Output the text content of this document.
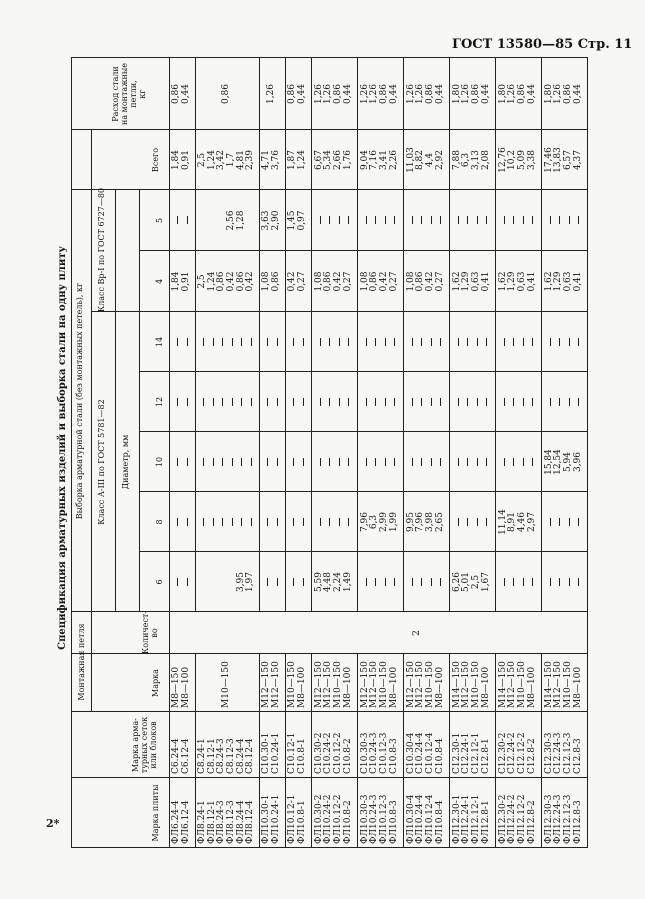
ГОСТ 13580—85 Стр. 11
Спецификация арматурных изделий и выборка стали на одну плиту
Марка плиты
Марка арма-
турных сеток
или блоков
Монтажная петля	Марка
Количест-
во
Выборка арматурной стали (без монтажных петель), кг Класс А-III по ГОСТ 5781—82
Класс Вр-I по ГОСТ 6727—80
Диаметр, мм
6
8
10
12
14
4
5
Всего
Расход стали
на монтажные
петли,
кг
2
ФЛ6.24-4
ФЛ6.12-4
С6.24-4
С6.12-4
М8—150
М8—100
1,84
0,91
1,84
0,91
0,86
0,44
ФЛ8.24-1
ФЛ8.12-1
ФЛ8.24-3
ФЛ8.12-3
ФЛ8.24-4
ФЛ8.12-4
С8.24-1
С8.12-1
С8.24-3
С8.12-3
С8.24-4
С8.12-4
М10—150

3,95
1,97
2,5
1,24
0,86
0,42
0,86
0,42

2,56
1,28
2,5
1,24
3,42
1,7
4,81
2,39
0,86
ФЛ10.30-1
ФЛ10.24-1
С10.30-1
С10.24-1
М12—150
М12—150
1,08
0,86
3,63
2,90
4,71
3,76
1,26
ФЛ10.12-1
ФЛ10.8-1
С10.12-1
С10.8-1
М10—150
М8—100
0,42
0,27
1,45
0,97
1,87
1,24
0,86
0,44
ФЛ10.30-2
ФЛ10.24-2
ФЛ10.12-2
ФЛ10.8-2
С10.30-2
С10.24-2
С10.12-2
С10.8-2
М12—150
М12—150
М10—150
М8—100
5,59
4,48
2,24
1,49
1,08
0,86
0,42
0,27
6,67
5,34
2,66
1,76
1,26
1,26
0,86
0,44
ФЛ10.30-3
ФЛ10.24-3
ФЛ10.12-3
ФЛ10.8-3
С10.30-3
С10.24-3
С10.12-3
С10.8-3
М12—150
М12—150
М10—150
М8—100
7,96
6,3
2,99
1,99
1,08
0,86
0,42
0,27
9,04
7,16
3,41
2,26
1,26
1,26
0,86
0,44
ФЛ10.30-4
ФЛ10.24-4
ФЛ10.12-4
ФЛ10.8-4
С10.30-4
С10.24-4
С10.12-4
С10.8-4
М12—150
М12—150
М10—150
М8—100
9,95
7,96
3,98
2,65
1,08
0,86
0,42
0,27
11,03
8,82
4,4
2,92
1,26
1,26
0,86
0,44
ФЛ12.30-1
ФЛ12.24-1
ФЛ12.12-1
ФЛ12.8-1
С12.30-1
С12.24-1
С12.12-1
С12.8-1
М14—150
М12—150
М10—150
М8—100
6,26
5,01
2,5
1,67
1,62
1,29
0,63
0,41
7,88
6,3
3,13
2,08
1,80
1,26
0,86
0,44
ФЛ12.30-2
ФЛ12.24-2
ФЛ12.12-2
ФЛ12.8-2
С12.30-2
С12.24-2
С12.12-2
С12.8-2
М14—150
М12—150
М10—150
М8—100
11,14
8,91
4,46
2,97
1,62
1,29
0,63
0,41
12,76
10,2
5,09
3,38
1,80
1,26
0,86
0,44
ФЛ12.30-3
ФЛ12.24-3
ФЛ12.12-3
ФЛ12.8-3
С12.30-3
С12.24-3
С12.12-3
С12.8-3
М14—150
М12—150
М10—150
М8—100
15,84
12,54
5,94
3,96
1,62
1,29
0,63
0,41
17,46
13,83
6,57
4,37
1,80
1,26
0,86
0,44
2*
